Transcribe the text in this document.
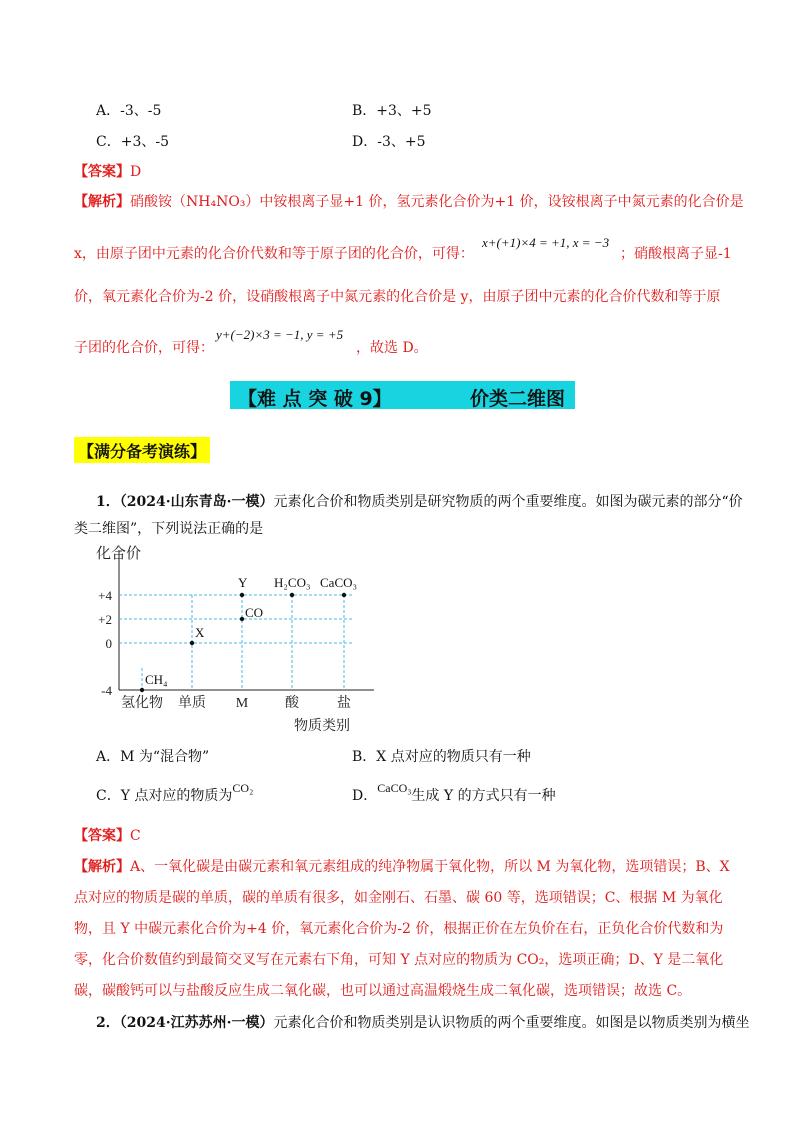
A．-3、-5	B．+3、+5
C．+3、-5	D．-3、+5
【答案】D
【解析】硝酸铵（NH₄NO₃）中铵根离子显+1 价，氢元素化合价为+1 价，设铵根离子中氮元素的化合价是
x，由原子团中元素的化合价代数和等于原子团的化合价，可得：
x+(+1)×4 = +1, x = −3
；硝酸根离子显-1
价，氧元素化合价为-2 价，设硝酸根离子中氮元素的化合价是 y，由原子团中元素的化合价代数和等于原
子团的化合价，可得：
y+(−2)×3 = −1, y = +5
，故选 D。
【难 点 突 破 9】	价类二维图
【满分备考演练】
1．（2024·山东青岛·一模）元素化合价和物质类别是研究物质的两个重要维度。如图为碳元素的部分“价
类二维图”，下列说法正确的是
+4
+2
0
-4
氢化物 单质 M	酸	盐
CH₄
X
CO
Y H₂CO₃ CaCO₃
化合价
物质类别
A．M 为“混合物”	B．X 点对应的物质只有一种
C．Y 点对应的物质为CO₂	D．CaCO₃生成 Y 的方式只有一种
【答案】C
【解析】A、一氧化碳是由碳元素和氧元素组成的纯净物属于氧化物，所以 M 为氧化物，选项错误；B、X
点对应的物质是碳的单质，碳的单质有很多，如金刚石、石墨、碳 60 等，选项错误；C、根据 M 为氧化
物，且 Y 中碳元素化合价为+4 价，氧元素化合价为-2 价，根据正价在左负价在右，正负化合价代数和为
零，化合价数值约到最简交叉写在元素右下角，可知 Y 点对应的物质为 CO₂，选项正确；D、Y 是二氧化
碳，碳酸钙可以与盐酸反应生成二氧化碳，也可以通过高温煅烧生成二氧化碳，选项错误；故选 C。
2．（2024·江苏苏州·一模）元素化合价和物质类别是认识物质的两个重要维度。如图是以物质类别为横坐
